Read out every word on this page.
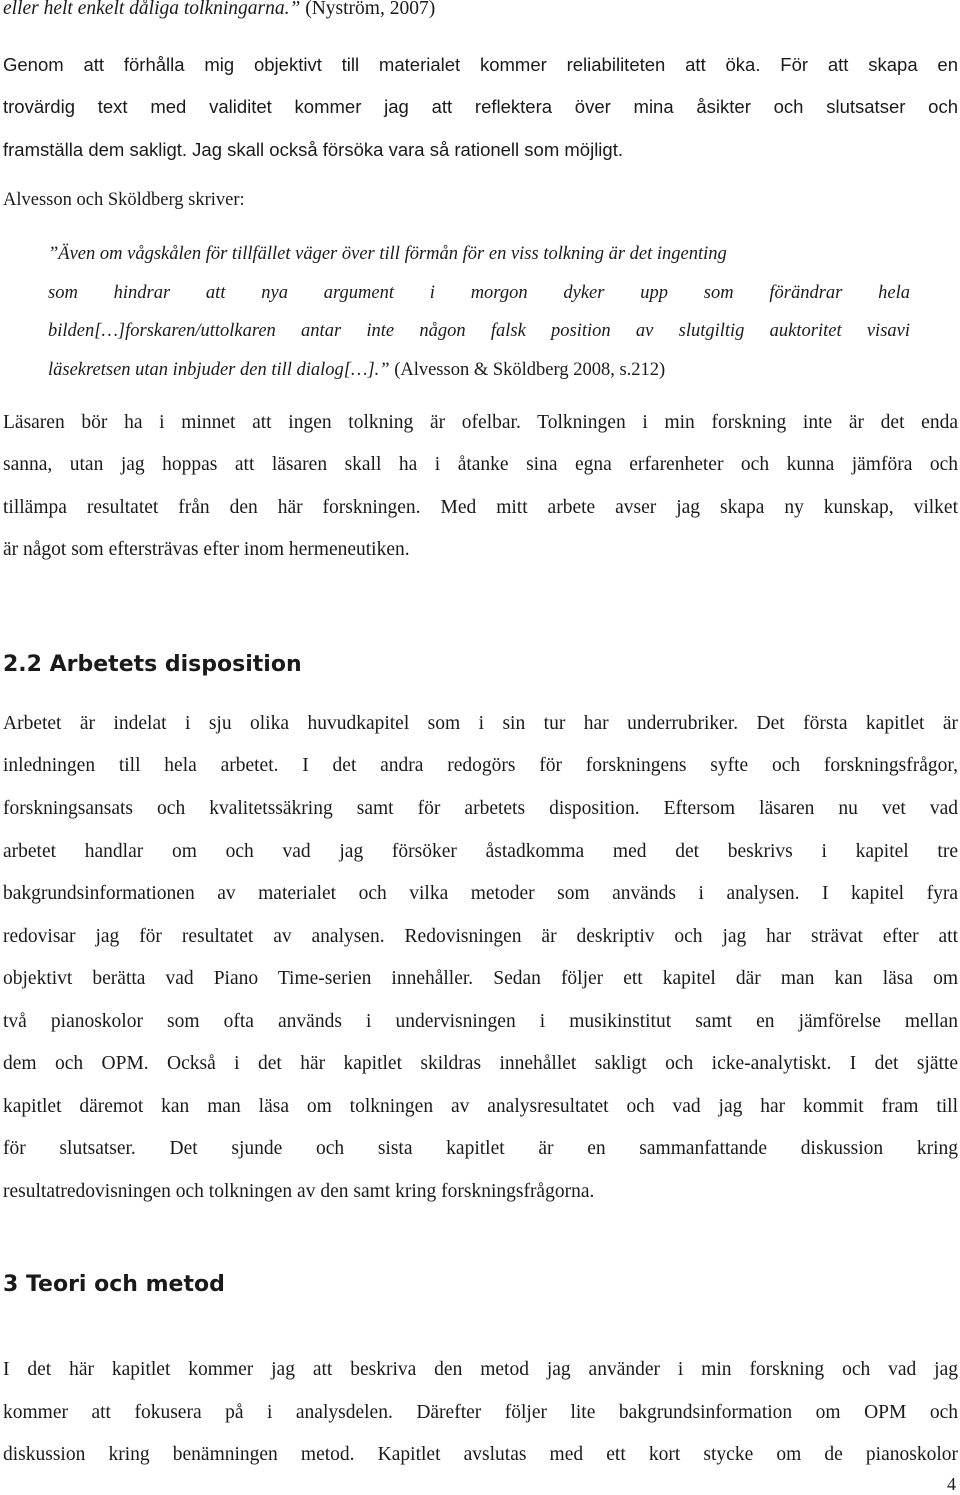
eller helt enkelt dåliga tolkningarna.” (Nyström, 2007)
Genom att förhålla mig objektivt till materialet kommer reliabiliteten att öka. För att skapa en
trovärdig text med validitet kommer jag att reflektera över mina åsikter och slutsatser och
framställa dem sakligt. Jag skall också försöka vara så rationell som möjligt.
Alvesson och Sköldberg skriver:
”Även om vågskålen för tillfället väger över till förmån för en viss tolkning är det ingenting
som hindrar att nya argument i morgon dyker upp som förändrar hela
bilden[…]forskaren/uttolkaren antar inte någon falsk position av slutgiltig auktoritet visavi
läsekretsen utan inbjuder den till dialog[…].” (Alvesson & Sköldberg 2008, s.212)
Läsaren bör ha i minnet att ingen tolkning är ofelbar. Tolkningen i min forskning inte är det enda
sanna, utan jag hoppas att läsaren skall ha i åtanke sina egna erfarenheter och kunna jämföra och
tillämpa resultatet från den här forskningen. Med mitt arbete avser jag skapa ny kunskap, vilket
är något som eftersträvas efter inom hermeneutiken.
2.2 Arbetets disposition
Arbetet är indelat i sju olika huvudkapitel som i sin tur har underrubriker. Det första kapitlet är
inledningen till hela arbetet. I det andra redogörs för forskningens syfte och forskningsfrågor,
forskningsansats och kvalitetssäkring samt för arbetets disposition. Eftersom läsaren nu vet vad
arbetet handlar om och vad jag försöker åstadkomma med det beskrivs i kapitel tre
bakgrundsinformationen av materialet och vilka metoder som används i analysen. I kapitel fyra
redovisar jag för resultatet av analysen. Redovisningen är deskriptiv och jag har strävat efter att
objektivt berätta vad Piano Time-serien innehåller. Sedan följer ett kapitel där man kan läsa om
två pianoskolor som ofta används i undervisningen i musikinstitut samt en jämförelse mellan
dem och OPM. Också i det här kapitlet skildras innehållet sakligt och icke-analytiskt. I det sjätte
kapitlet däremot kan man läsa om tolkningen av analysresultatet och vad jag har kommit fram till
för slutsatser. Det sjunde och sista kapitlet är en sammanfattande diskussion kring
resultatredovisningen och tolkningen av den samt kring forskningsfrågorna.
3 Teori och metod
I det här kapitlet kommer jag att beskriva den metod jag använder i min forskning och vad jag
kommer att fokusera på i analysdelen. Därefter följer lite bakgrundsinformation om OPM och
diskussion kring benämningen metod. Kapitlet avslutas med ett kort stycke om de pianoskolor
4
